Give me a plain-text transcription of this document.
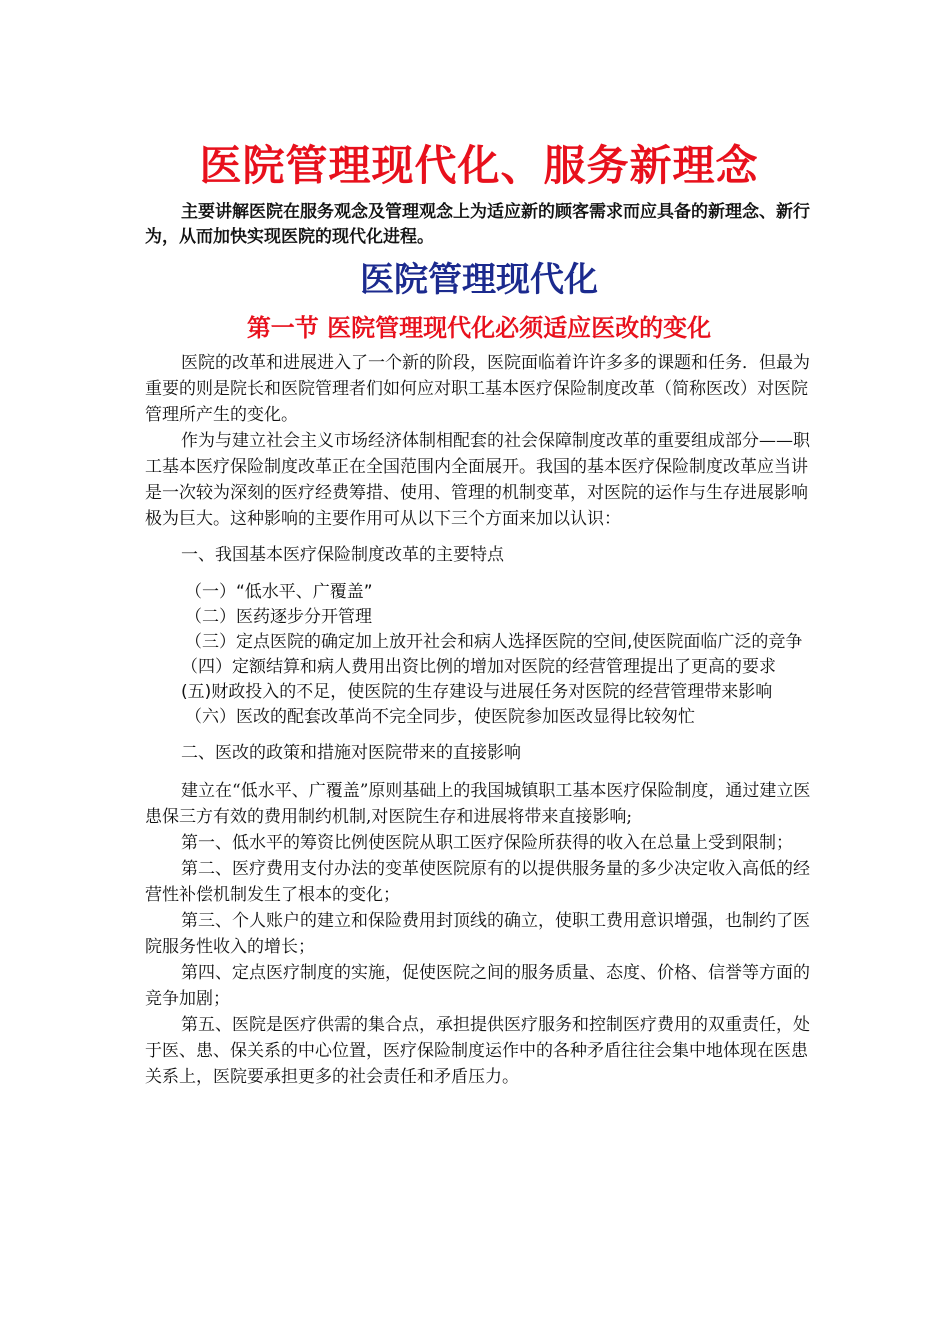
医院管理现代化、服务新理念

主要讲解医院在服务观念及管理观念上为适应新的顾客需求而应具备的新理念、新行为，从而加快实现医院的现代化进程。

医院管理现代化
第一节 医院管理现代化必须适应医改的变化

医院的改革和进展进入了一个新的阶段，医院面临着许许多多的课题和任务．但最为重要的则是院长和医院管理者们如何应对职工基本医疗保险制度改革（简称医改）对医院管理所产生的变化。

作为与建立社会主义市场经济体制相配套的社会保障制度改革的重要组成部分——职工基本医疗保险制度改革正在全国范围内全面展开。我国的基本医疗保险制度改革应当讲是一次较为深刻的医疗经费筹措、使用、管理的机制变革，对医院的运作与生存进展影响极为巨大。这种影响的主要作用可从以下三个方面来加以认识：

一、我国基本医疗保险制度改革的主要特点

（一）“低水平、广覆盖”

（二）医药逐步分开管理

（三）定点医院的确定加上放开社会和病人选择医院的空间,使医院面临广泛的竞争

（四）定额结算和病人费用出资比例的增加对医院的经营管理提出了更高的要求

(五)财政投入的不足，使医院的生存建设与进展任务对医院的经营管理带来影响

（六）医改的配套改革尚不完全同步，使医院参加医改显得比较匆忙

二、医改的政策和措施对医院带来的直接影响

建立在“低水平、广覆盖”原则基础上的我国城镇职工基本医疗保险制度，通过建立医患保三方有效的费用制约机制,对医院生存和进展将带来直接影响;

第一、低水平的筹资比例使医院从职工医疗保险所获得的收入在总量上受到限制；

第二、医疗费用支付办法的变革使医院原有的以提供服务量的多少决定收入高低的经营性补偿机制发生了根本的变化；

第三、个人账户的建立和保险费用封顶线的确立，使职工费用意识增强，也制约了医院服务性收入的增长；

第四、定点医疗制度的实施，促使医院之间的服务质量、态度、价格、信誉等方面的竞争加剧；

第五、医院是医疗供需的集合点，承担提供医疗服务和控制医疗费用的双重责任，处于医、患、保关系的中心位置，医疗保险制度运作中的各种矛盾往往会集中地体现在医患关系上，医院要承担更多的社会责任和矛盾压力。
